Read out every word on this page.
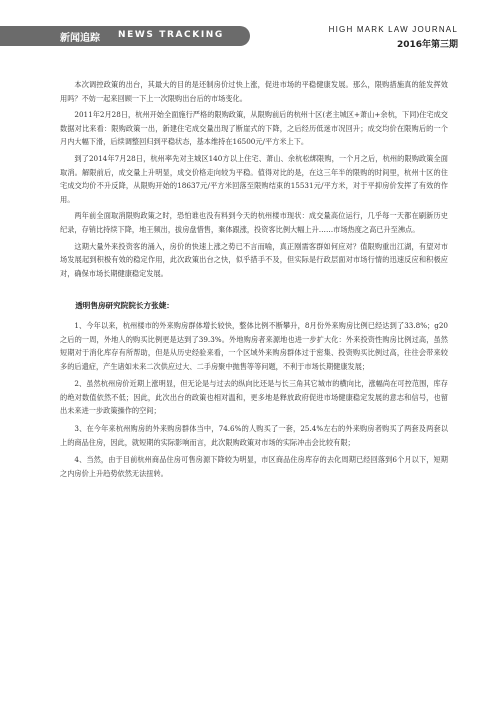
新闻追踪 NEWS TRACKING
HIGH MARK LAW JOURNAL
2016年第三期

本次调控政策的出台，其最大的目的是还制房价过快上涨，促进市场的平稳健康发展。那么，限购措施真的能发挥效用吗？不妨一起来回顾一下上一次限购出台后的市场变化。

2011年2月28日，杭州开始全面施行严格的限购政策，从限购前后的杭州十区(老主城区+萧山+余杭，下同)住宅成交数据对比来看：限购政策一出，新建住宅成交量出现了断崖式的下降，之后经历低迷市况回升；成交均价在限购后的一个月内大幅下滑，后续调整回归到平稳状态，基本维持在16500元/平方米上下。

到了2014年7月28日，杭州率先对主城区140方以上住宅、萧山、余杭松绑限购，一个月之后，杭州的限购政策全面取消。解限前后，成交量上升明显，成交价格走向较为平稳。值得对比的是，在这三年半的限购的时间里，杭州十区的住宅成交均价不升反降，从限购开始的18637元/平方米回落至限购结束的15531元/平方米，对于平抑房价发挥了有效的作用。

两年前全面取消限购政策之时，恐怕谁也没有料到今天的杭州楼市现状：成交量高位运行，几乎每一天都在刷新历史纪录，存销比持续下降，地王频出，拔房盘惜售，棄体跟涨，投资客比例大幅上升……市场热度之高已升至沸点。

这期大量外来投资客的涌入，房价的快速上涨之势已不言而喻，真正刚需客群如何应对？值限购重出江湖，有望对市场发展起到积极有效的稳定作用，此次政策出台之快，似乎措手不及，但实际是行政层面对市场行情的迅速反应和积极应对，确保市场长期健康稳定发展。

透明售房研究院院长方张婕：

1、今年以来，杭州楼市的外来购房群体增长较快，整体比例不断攀升，8月份外来购房比例已经达到了33.8%；g20之后的一周，外地人的购买比例更是达到了39.3%。外地购房者来源地也进一步扩大化：外来投资性购房比例过高，虽然短期对于消化库存有所帮助，但是从历史经验来看，一个区域外来购房群体过于密集、投资购买比例过高，往往会带来较多的后遗症，产生诸如未来二次供应过大、二手房聚中抛售等等问题，不利于市场长期健康发展；

2、虽然杭州房价近期上涨明显，但无论是与过去的纵向比还是与长三角其它城市的横向比，涨幅尚在可控范围，库存的绝对数值依然不低；因此，此次出台的政策也相对温和，更多地是释放政府促进市场健康稳定发展的意志和信号，也留出未来进一步政策操作的空间；

3、在今年来杭州购房的外来购房群体当中，74.6%的人购买了一套，25.4%左右的外来购房者购买了两套及两套以上的商品住房，因此，就短期的实际影响而言，此次限购政策对市场的实际冲击会比较有限；

4、当然，由于目前杭州商品住房可售房源下降较为明显，市区商品住房库存的去化周期已经回落到6个月以下，短期之内房价上升趋势依然无法扭转。
